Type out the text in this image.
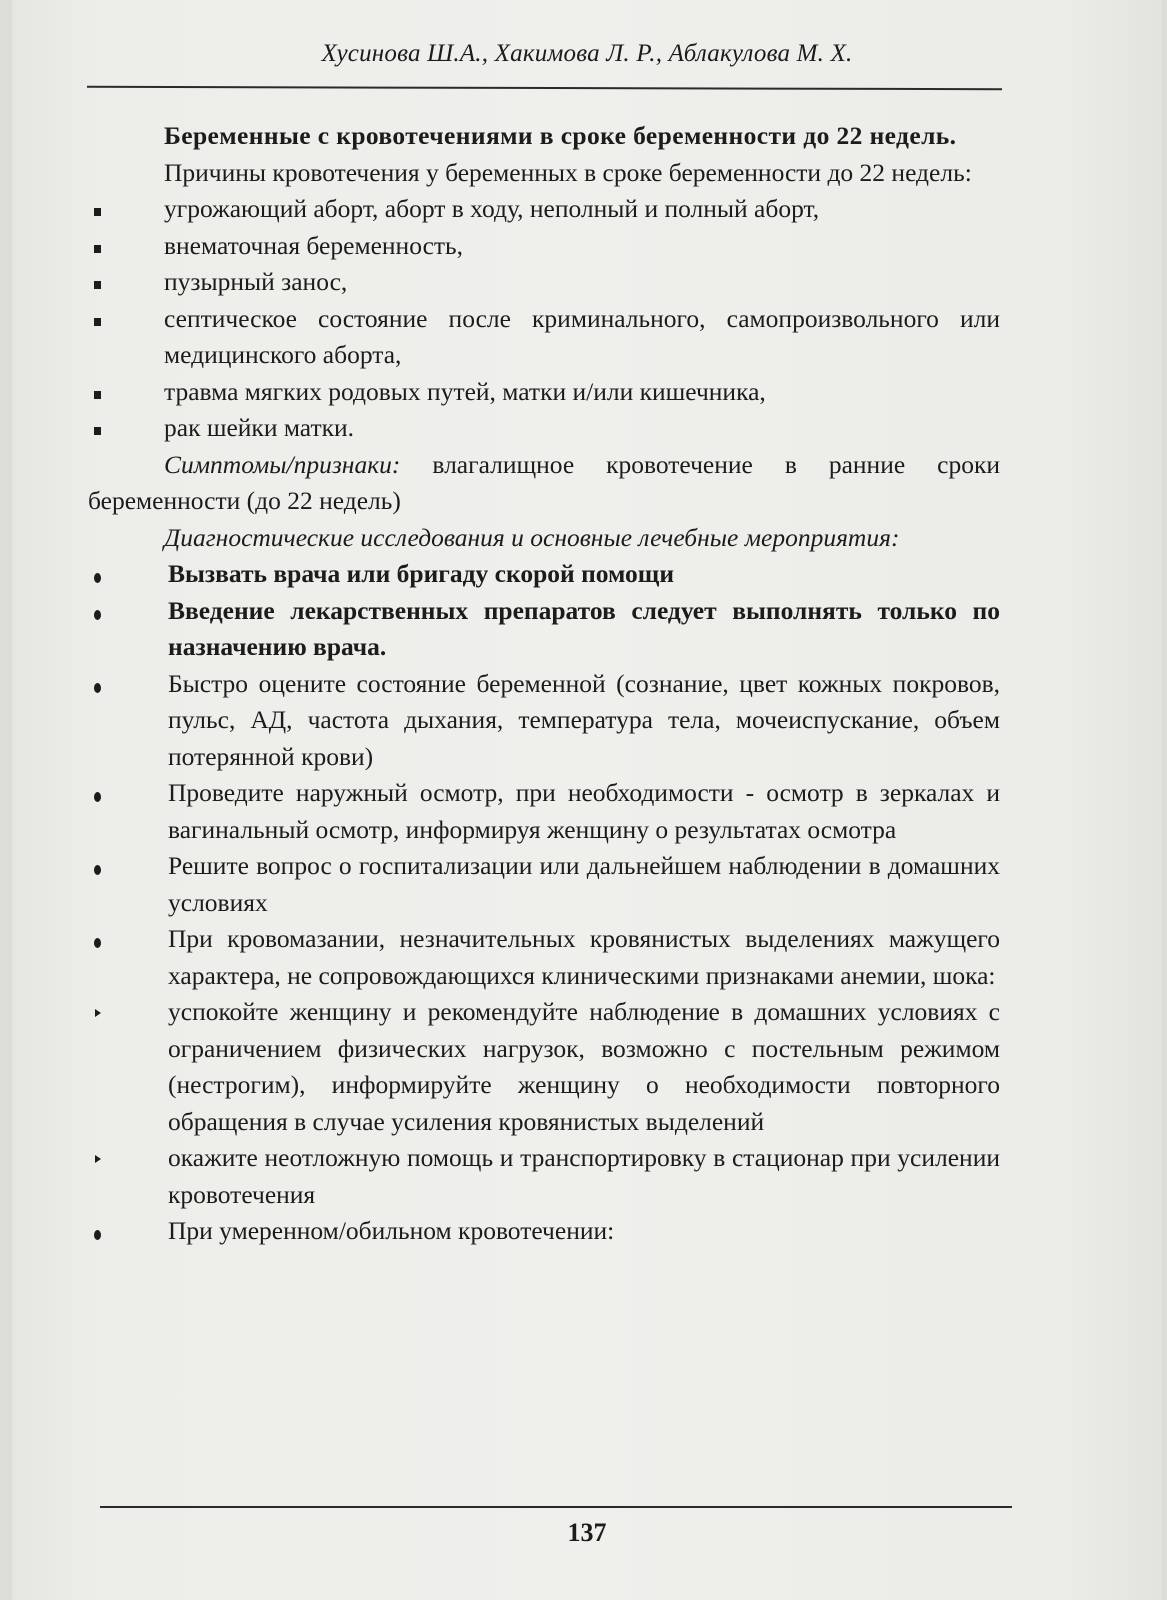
Хусинова Ш.А., Хакимова Л. Р., Аблакулова М. Х.

Беременные с кровотечениями в сроке беременности до 22 недель.

Причины кровотечения у беременных в сроке беременности до 22 недель:

угрожающий аборт, аборт в ходу, неполный и полный аборт,
внематочная беременность,
пузырный занос,
септическое состояние после криминального, самопроизвольного или медицинского аборта,
травма мягких родовых путей, матки и/или кишечника,
рак шейки матки.

Симптомы/признаки: влагалищное кровотечение в ранние сроки беременности (до 22 недель)

Диагностические исследования и основные лечебные мероприятия:

Вызвать врача или бригаду скорой помощи
Введение лекарственных препаратов следует выполнять только по назначению врача.
Быстро оцените состояние беременной (сознание, цвет кожных покровов, пульс, АД, частота дыхания, температура тела, мочеиспускание, объем потерянной крови)
Проведите наружный осмотр, при необходимости - осмотр в зеркалах и вагинальный осмотр, информируя женщину о результатах осмотра
Решите вопрос о госпитализации или дальнейшем наблюдении в домашних условиях
При кровомазании, незначительных кровянистых выделениях мажущего характера, не сопровождающихся клиническими признаками анемии, шока:
успокойте женщину и рекомендуйте наблюдение в домашних условиях с ограничением физических нагрузок, возможно с постельным режимом (нестрогим), информируйте женщину о необходимости повторного обращения в случае усиления кровянистых выделений
окажите неотложную помощь и транспортировку в стационар при усилении кровотечения
При умеренном/обильном кровотечении:
137
